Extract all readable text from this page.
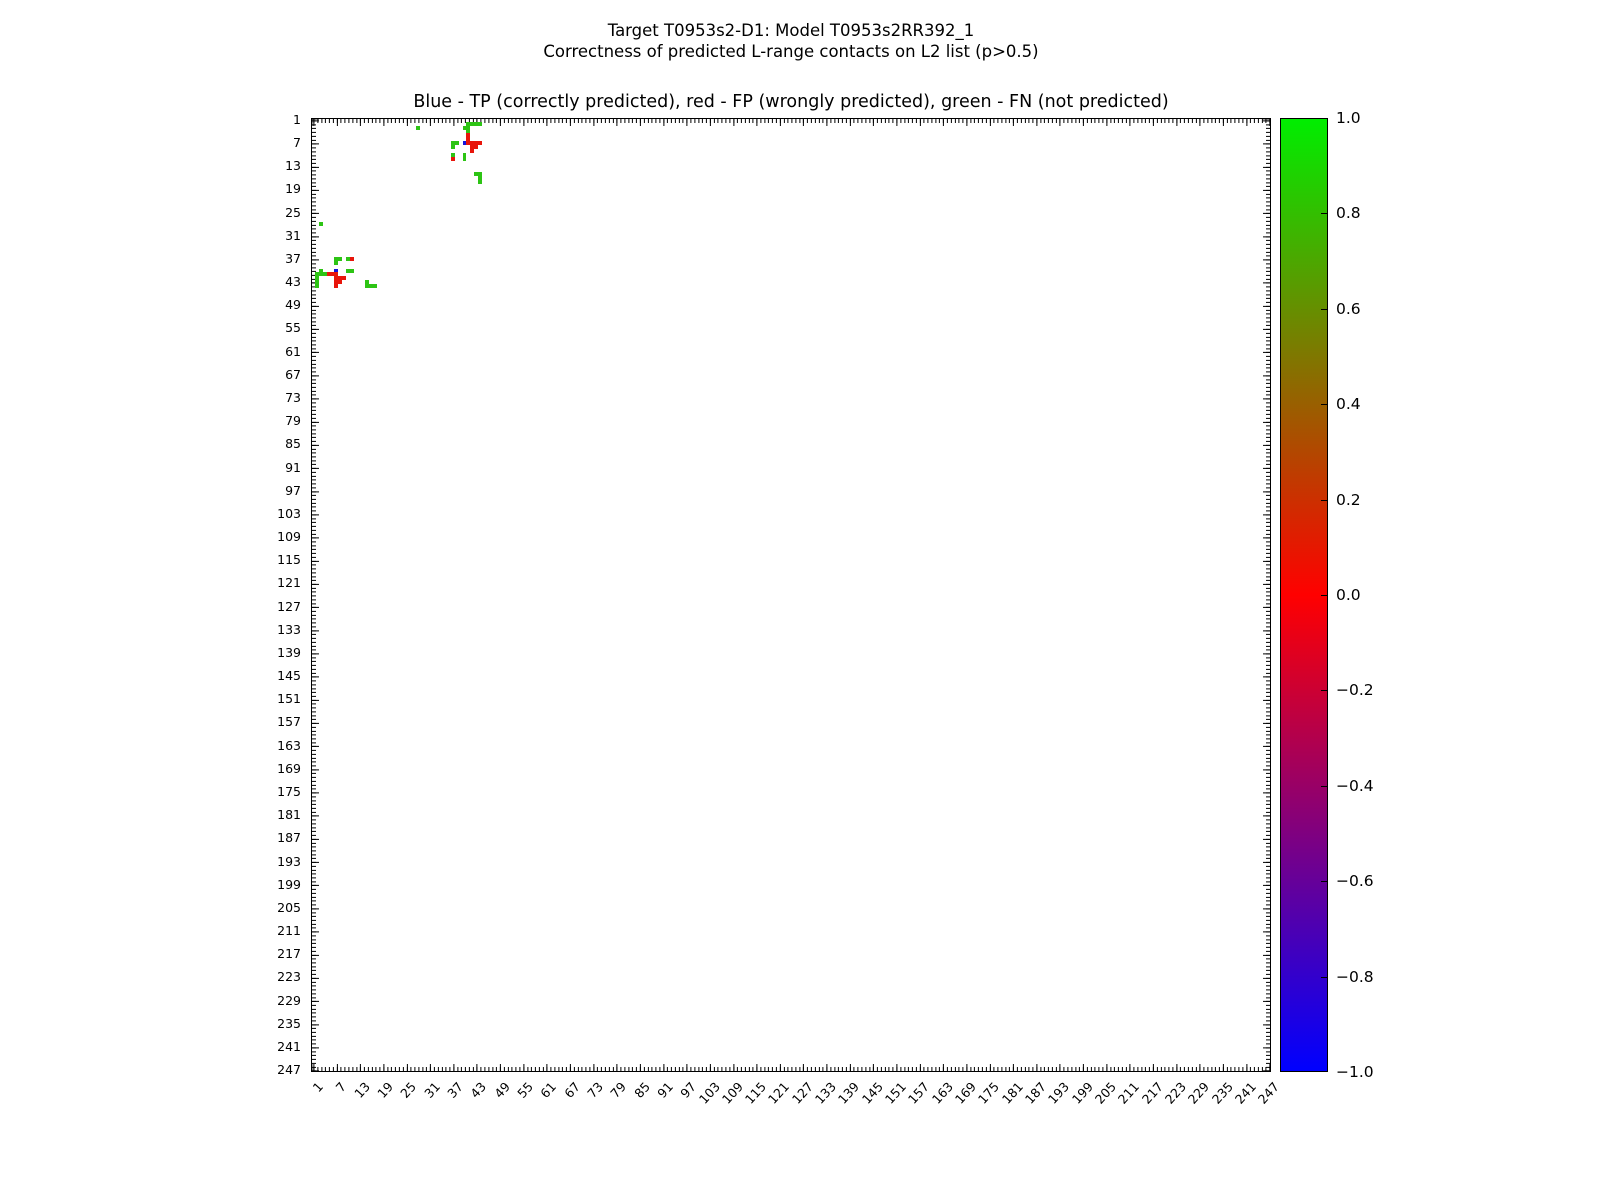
Target T0953s2-D1: Model T0953s2RR392_1
Correctness of predicted L-range contacts on L2 list (p>0.5)
Blue - TP (correctly predicted), red - FP (wrongly predicted), green - FN (not predicted)
1
7
13
19
25
31
37
43
49
55
61
67
73
79
85
91
97
103
109
115
121
127
133
139
145
151
157
163
169
175
181
187
193
199
205
211
217
223
229
235
241
247
1 7 13 19 25 31 37 43 49 55 61 67 73 79 85 91 97
103
109
115
121
127
133
139
145
151
157
163
169
175
181
187
193
199
205
211
217
223
229
235
241
247
1.0
0.8
0.6
0.4
0.2
0.0
−0.2
−0.4
−0.6
−0.8
−1.0
